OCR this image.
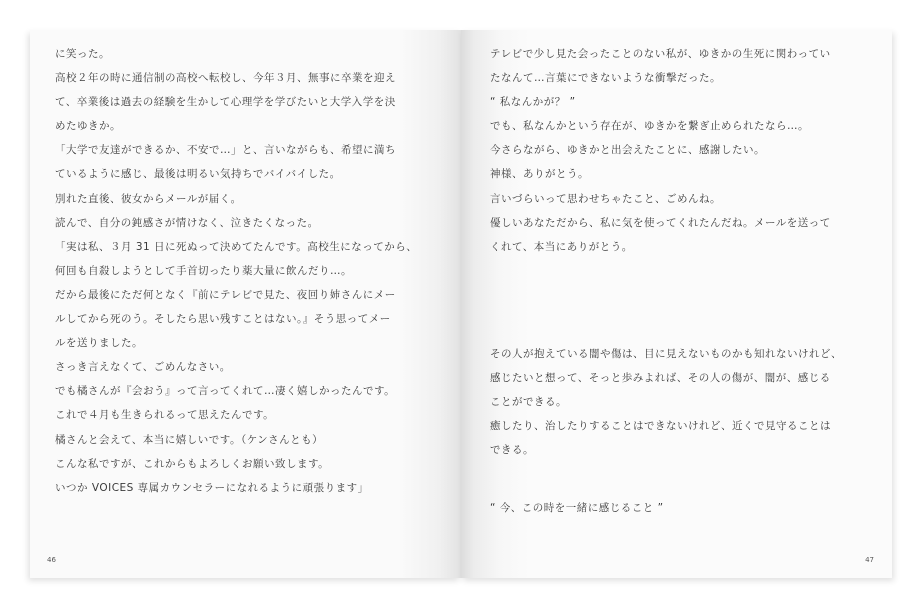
に笑った。
高校２年の時に通信制の高校へ転校し、今年３月、無事に卒業を迎え
て、卒業後は過去の経験を生かして心理学を学びたいと大学入学を決
めたゆきか。
「大学で友達ができるか、不安で…」と、言いながらも、希望に満ち
ているように感じ、最後は明るい気持ちでバイバイした。
別れた直後、彼女からメールが届く。
読んで、自分の鈍感さが情けなく、泣きたくなった。
「実は私、３月 31 日に死ぬって決めてたんです。高校生になってから、
何回も自殺しようとして手首切ったり薬大量に飲んだり…。
だから最後にただ何となく『前にテレビで見た、夜回り姉さんにメー
ルしてから死のう。そしたら思い残すことはない。』そう思ってメー
ルを送りました。
さっき言えなくて、ごめんなさい。
でも橘さんが『会おう』って言ってくれて…凄く嬉しかったんです。
これで４月も生きられるって思えたんです。
橘さんと会えて、本当に嬉しいです。（ケンさんとも）
こんな私ですが、これからもよろしくお願い致します。
いつか VOICES 専属カウンセラーになれるように頑張ります」
46
テレビで少し見た会ったことのない私が、ゆきかの生死に関わってい
たなんて…言葉にできないような衝撃だった。
“ 私なんかが？ ”
でも、私なんかという存在が、ゆきかを繋ぎ止められたなら…。
今さらながら、ゆきかと出会えたことに、感謝したい。
神様、ありがとう。
言いづらいって思わせちゃたこと、ごめんね。
優しいあなただから、私に気を使ってくれたんだね。メールを送って
くれて、本当にありがとう。
その人が抱えている闇や傷は、目に見えないものかも知れないけれど、
感じたいと想って、そっと歩みよれば、その人の傷が、闇が、感じる
ことができる。
癒したり、治したりすることはできないけれど、近くで見守ることは
できる。
“ 今、この時を一緒に感じること ”
47
